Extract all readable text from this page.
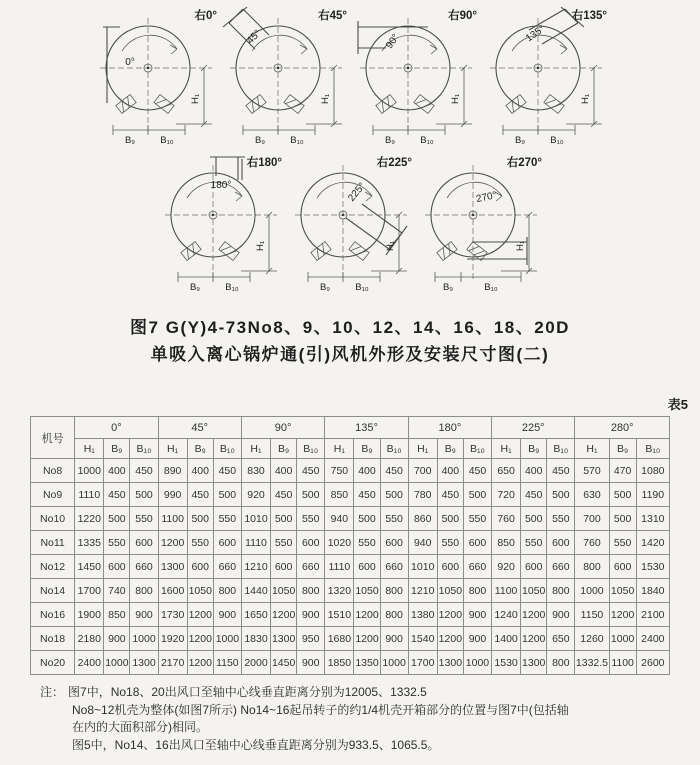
H₁
B₉	B₁₀
0°
右0°
H₁
B₉	B₁₀
45°
右45°
H₁
B₉	B₁₀
90°
右90°
H₁
B₉	B₁₀
135°
右135°
H₁
B₉	B₁₀
180°
右180°
H₁
B₉	B₁₀
225°
右225°
H₁
B₉	B₁₀
270°
右270°
图7 G(Y)4-73No8、9、10、12、14、16、18、20D
单吸入离心锅炉通(引)风机外形及安装尺寸图(二)
表5
机号	0°			45°			90°			135°			180°			225°			280°		
	H₁	B₉	B₁₀	H₁	B₉	B₁₀	H₁	B₉	B₁₀	H₁	B₉	B₁₀	H₁	B₉	B₁₀	H₁	B₉	B₁₀	H₁	B₉	B₁₀
No8	1000	400	450	890	400	450	830	400	450	750	400	450	700	400	450	650	400	450	570	470	1080
No9	1110	450	500	990	450	500	920	450	500	850	450	500	780	450	500	720	450	500	630	500	1190
No10	1220	500	550	1100	500	550	1010	500	550	940	500	550	860	500	550	760	500	550	700	500	1310
No11	1335	550	600	1200	550	600	1110	550	600	1020	550	600	940	550	600	850	550	600	760	550	1420
No12	1450	600	660	1300	600	660	1210	600	660	1110	600	660	1010	600	660	920	600	660	800	600	1530
No14	1700	740	800	1600	1050	800	1440	1050	800	1320	1050	800	1210	1050	800	1100	1050	800	1000	1050	1840
No16	1900	850	900	1730	1200	900	1650	1200	900	1510	1200	800	1380	1200	900	1240	1200	900	1150	1200	2100
No18	2180	900	1000	1920	1200	1000	1830	1300	950	1680	1200	900	1540	1200	900	1400	1200	650	1260	1000	2400
No20	2400	1000	1300	2170	1200	1150	2000	1450	900	1850	1350	1000	1700	1300	1000	1530	1300	800	1332.5	1100	2600
注： 图7中，No18、20出风口至轴中心线垂直距离分别为12005、1332.5
No8~12机壳为整体(如图7所示) No14~16起吊转子的约1/4机壳开箱部分的位置与图7中(包括轴
在内的大面积部分)相同。
图5中，No14、16出风口至轴中心线垂直距离分别为933.5、1065.5。
